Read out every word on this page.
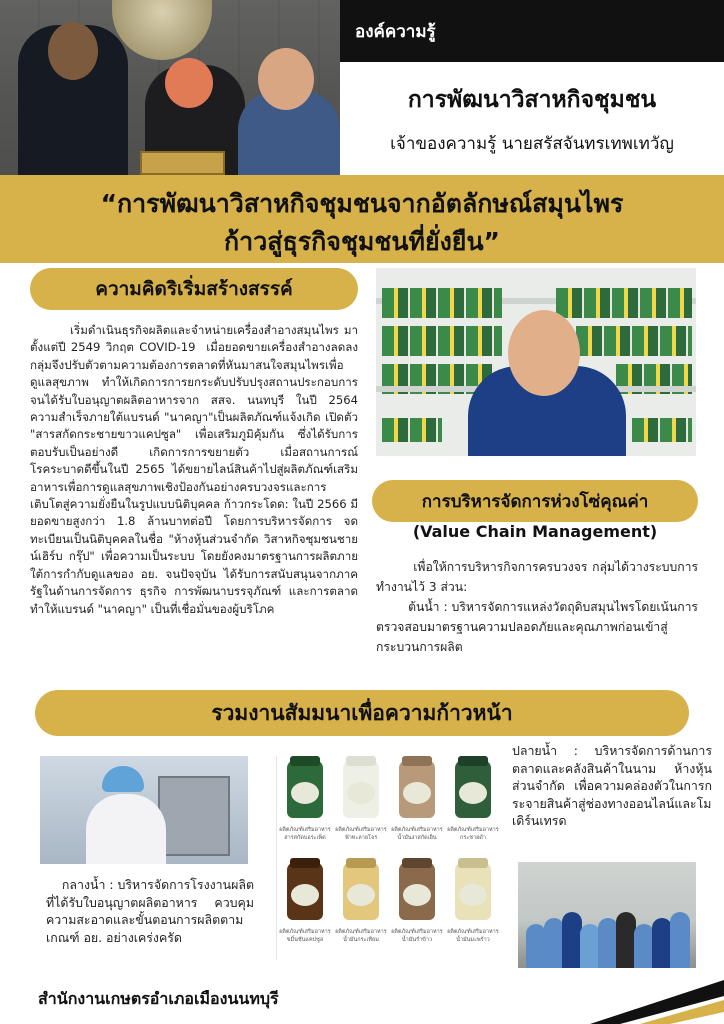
องค์ความรู้
การพัฒนาวิสาหกิจชุมชน
เจ้าของความรู้ นายสรัสจันทรเทพเทวัญ
“การพัฒนาวิสาหกิจชุมชนจากอัตลักษณ์สมุนไพร
ก้าวสู่ธุรกิจชุมชนที่ยั่งยืน”
ความคิดริเริ่มสร้างสรรค์
เริ่มดำเนินธุรกิจผลิตและจำหน่ายเครื่องสำอางสมุนไพร มาตั้งแต่ปี 2549 วิกฤต COVID-19  เมื่อยอดขายเครื่องสำอางลดลง  กลุ่มจึงปรับตัวตามความต้องการตลาดที่หันมาสนใจสมุนไพรเพื่อดูแลสุขภาพ  ทำให้เกิดการการยกระดับปรับปรุงสถานประกอบการจนได้รับใบอนุญาตผลิตอาหารจาก สสจ. นนทบุรี ในปี 2564 ความสำเร็จภายใต้แบรนด์ "นาคญา"เป็นผลิตภัณฑ์แจ้งเกิด เปิดตัว "สารสกัดกระชายขาวแคปซูล" เพื่อเสริมภูมิคุ้มกัน ซึ่งได้รับการตอบรับเป็นอย่างดี      เกิดการการขยายตัว      เมื่อสถานการณ์โรคระบาดดีขึ้นในปี 2565 ได้ขยายไลน์สินค้าไปสู่ผลิตภัณฑ์เสริมอาหารเพื่อการดูแลสุขภาพเชิงป้องกันอย่างครบวงจรและการเติบโตสู่ความยั่งยืนในรูปแบบนิติบุคคล ก้าวกระโดด: ในปี 2566 มียอดขายสูงกว่า 1.8 ล้านบาทต่อปี โดยการบริหารจัดการ จดทะเบียนเป็นนิติบุคคลในชื่อ "ห้างหุ้นส่วนจำกัด วิสาหกิจชุมชนชายน์เฮิร์บ กรุ๊ป" เพื่อความเป็นระบบ โดยยังคงมาตรฐานการผลิตภายใต้การกำกับดูแลของ อย. จนปัจจุบัน ได้รับการสนับสนุนจากภาครัฐในด้านการจัดการ ธุรกิจ การพัฒนาบรรจุภัณฑ์ และการตลาด ทำให้แบรนด์ "นาคญา" เป็นที่เชื่อมั่นของผู้บริโภค
การบริหารจัดการห่วงโซ่คุณค่า
(Value Chain Management)
เพื่อให้การบริหารกิจการครบวงจร กลุ่มได้วางระบบการทำงานไว้ 3 ส่วน:
ต้นน้ำ : บริหารจัดการแหล่งวัตถุดิบสมุนไพรโดยเน้นการตรวจสอบมาตรฐานความปลอดภัยและคุณภาพก่อนเข้าสู่กระบวนการผลิต
รวมงานสัมมนาเพื่อความก้าวหน้า
กลางน้ำ : บริหารจัดการโรงงานผลิตที่ได้รับใบอนุญาตผลิตอาหาร ควบคุมความสะอาดและขั้นตอนการผลิตตามเกณฑ์ อย. อย่างเคร่งครัด
ผลิตภัณฑ์เสริมอาหารสารสกัดบอระเพ็ด
ผลิตภัณฑ์เสริมอาหารฟ้าทะลายโจร
ผลิตภัณฑ์เสริมอาหารน้ำมันงาสกัดเย็น
ผลิตภัณฑ์เสริมอาหารกระชายดำ
ผลิตภัณฑ์เสริมอาหารขมิ้นชันแคปซูล
ผลิตภัณฑ์เสริมอาหารน้ำมันกระเทียม
ผลิตภัณฑ์เสริมอาหารน้ำมันรำข้าว
ผลิตภัณฑ์เสริมอาหารน้ำมันมะพร้าว
ปลายน้ำ : บริหารจัดการด้านการตลาดและคลังสินค้าในนาม ห้างหุ้นส่วนจำกัด เพื่อความคล่องตัวในการกระจายสินค้าสู่ช่องทางออนไลน์และโมเดิร์นเทรด
สำนักงานเกษตรอำเภอเมืองนนทบุรี
